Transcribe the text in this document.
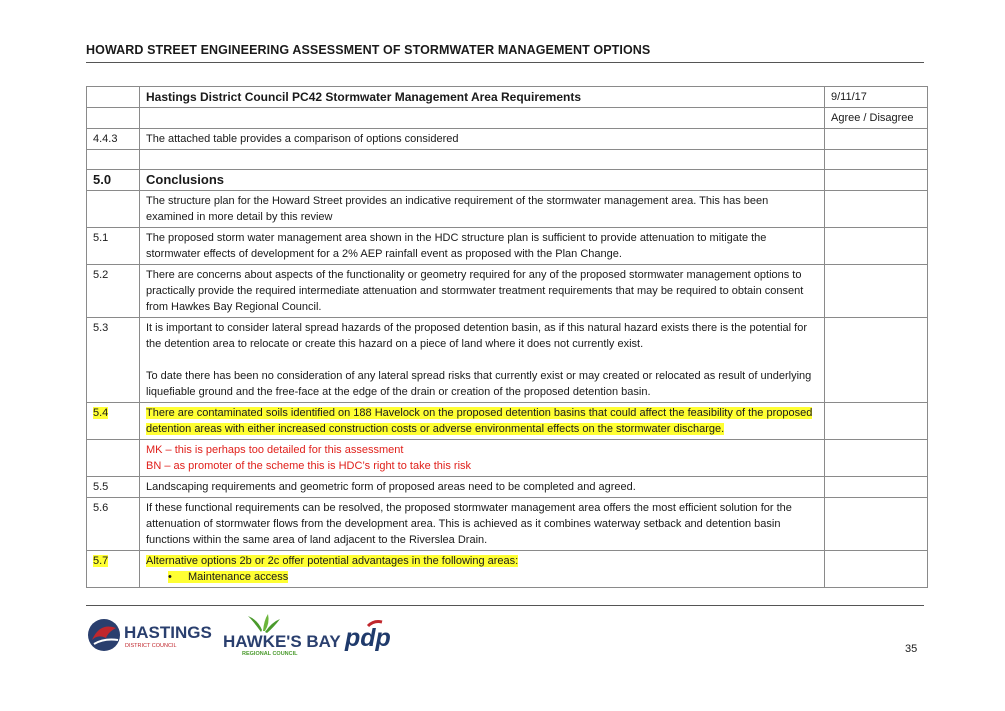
HOWARD STREET ENGINEERING ASSESSMENT OF STORMWATER MANAGEMENT OPTIONS
	Hastings District Council PC42 Stormwater Management Area Requirements	9/11/17
		Agree / Disagree
4.4.3	The attached table provides a comparison of options considered	

5.0	Conclusions	
	The structure plan for the Howard Street provides an indicative requirement of the stormwater management area. This has been examined in more detail by this review	
5.1	The proposed storm water management area shown in the HDC structure plan is sufficient to provide attenuation to mitigate the stormwater effects of development for a 2% AEP rainfall event as proposed with the Plan Change.	
5.2	There are concerns about aspects of the functionality or geometry required for any of the proposed stormwater management options to practically provide the required intermediate attenuation and stormwater treatment requirements that may be required to obtain consent from Hawkes Bay Regional Council.	
5.3	It is important to consider lateral spread hazards of the proposed detention basin, as if this natural hazard exists there is the potential for the detention area to relocate or create this hazard on a piece of land where it does not currently exist.
To date there has been no consideration of any lateral spread risks that currently exist or may created or relocated as result of underlying liquefiable ground and the free-face at the edge of the drain or creation of the proposed detention basin.	
5.4	There are contaminated soils identified on 188 Havelock on the proposed detention basins that could affect the feasibility of the proposed detention areas with either increased construction costs or adverse environmental effects on the stormwater discharge.	

	MK – this is perhaps too detailed for this assessment
BN – as promoter of the scheme this is HDC’s right to take this risk	

5.5	Landscaping requirements and geometric form of proposed areas need to be completed and agreed.	
5.6	If these functional requirements can be resolved, the proposed stormwater management area offers the most efficient solution for the attenuation of stormwater flows from the development area. This is achieved as it combines waterway setback and detention basin functions within the same area of land adjacent to the Riverslea Drain.	
5.7	Alternative options 2b or 2c offer potential advantages in the following areas:
• Maintenance access	

HASTINGS
DISTRICT COUNCIL	HAWKE'S BAY
REGIONAL COUNCIL
pdp	35
